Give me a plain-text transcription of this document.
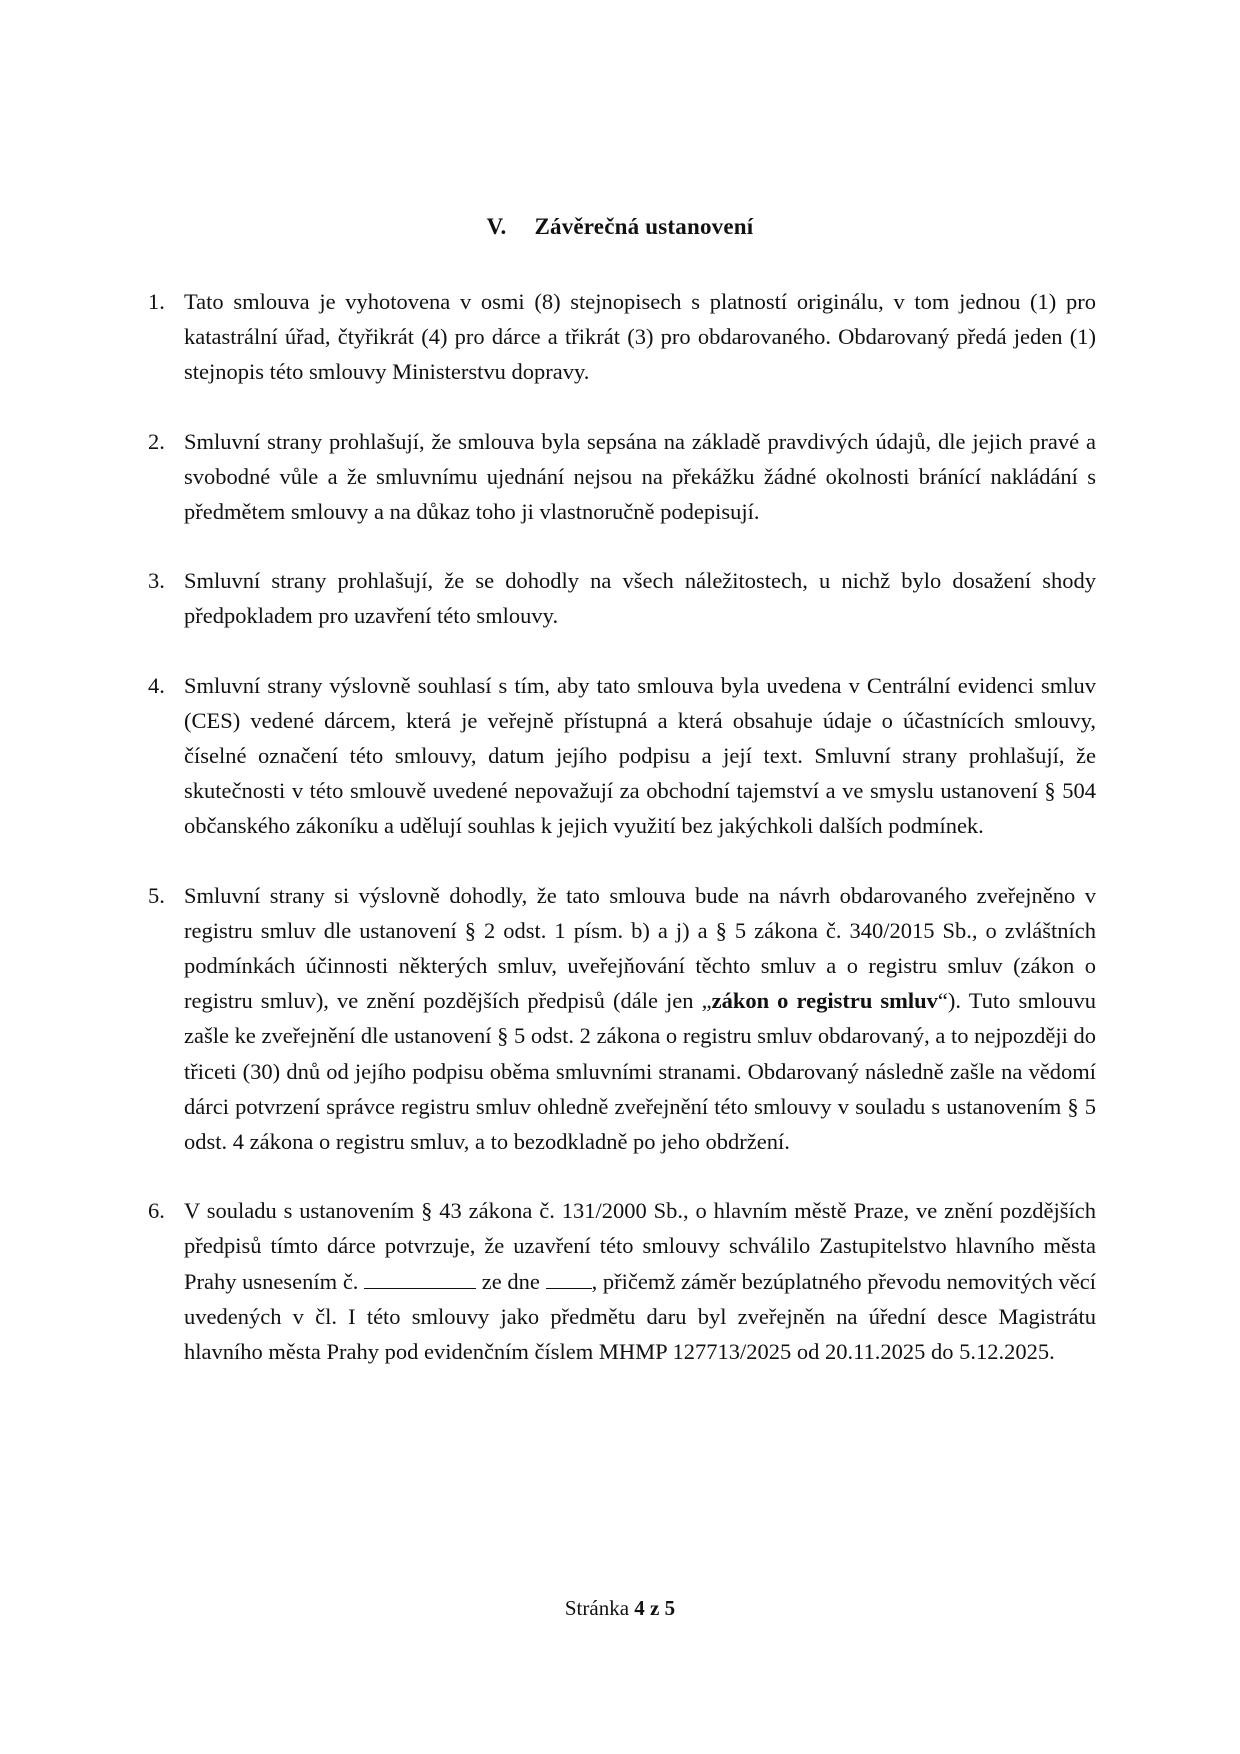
V. Závěrečná ustanovení
1. Tato smlouva je vyhotovena v osmi (8) stejnopisech s platností originálu, v tom jednou (1) pro katastrální úřad, čtyřikrát (4) pro dárce a třikrát (3) pro obdarovaného. Obdarovaný předá jeden (1) stejnopis této smlouvy Ministerstvu dopravy.
2. Smluvní strany prohlašují, že smlouva byla sepsána na základě pravdivých údajů, dle jejich pravé a svobodné vůle a že smluvnímu ujednání nejsou na překážku žádné okolnosti bránící nakládání s předmětem smlouvy a na důkaz toho ji vlastnoručně podepisují.
3. Smluvní strany prohlašují, že se dohodly na všech náležitostech, u nichž bylo dosažení shody předpokladem pro uzavření této smlouvy.
4. Smluvní strany výslovně souhlasí s tím, aby tato smlouva byla uvedena v Centrální evidenci smluv (CES) vedené dárcem, která je veřejně přístupná a která obsahuje údaje o účastnících smlouvy, číselné označení této smlouvy, datum jejího podpisu a její text. Smluvní strany prohlašují, že skutečnosti v této smlouvě uvedené nepovažují za obchodní tajemství a ve smyslu ustanovení § 504 občanského zákoníku a udělují souhlas k jejich využití bez jakýchkoli dalších podmínek.
5. Smluvní strany si výslovně dohodly, že tato smlouva bude na návrh obdarovaného zveřejněno v registru smluv dle ustanovení § 2 odst. 1 písm. b) a j) a § 5 zákona č. 340/2015 Sb., o zvláštních podmínkách účinnosti některých smluv, uveřejňování těchto smluv a o registru smluv (zákon o registru smluv), ve znění pozdějších předpisů (dále jen „zákon o registru smluv“). Tuto smlouvu zašle ke zveřejnění dle ustanovení § 5 odst. 2 zákona o registru smluv obdarovaný, a to nejpozději do třiceti (30) dnů od jejího podpisu oběma smluvními stranami. Obdarovaný následně zašle na vědomí dárci potvrzení správce registru smluv ohledně zveřejnění této smlouvy v souladu s ustanovením § 5 odst. 4 zákona o registru smluv, a to bezodkladně po jeho obdržení.
6. V souladu s ustanovením § 43 zákona č. 131/2000 Sb., o hlavním městě Praze, ve znění pozdějších předpisů tímto dárce potvrzuje, že uzavření této smlouvy schválilo Zastupitelstvo hlavního města Prahy usnesením č.	ze dne , přičemž záměr bezúplatného převodu nemovitých věcí uvedených v čl. I této smlouvy jako předmětu daru byl zveřejněn na úřední desce Magistrátu hlavního města Prahy pod evidenčním číslem MHMP 127713/2025 od 20.11.2025 do 5.12.2025.
Stránka 4 z 5
